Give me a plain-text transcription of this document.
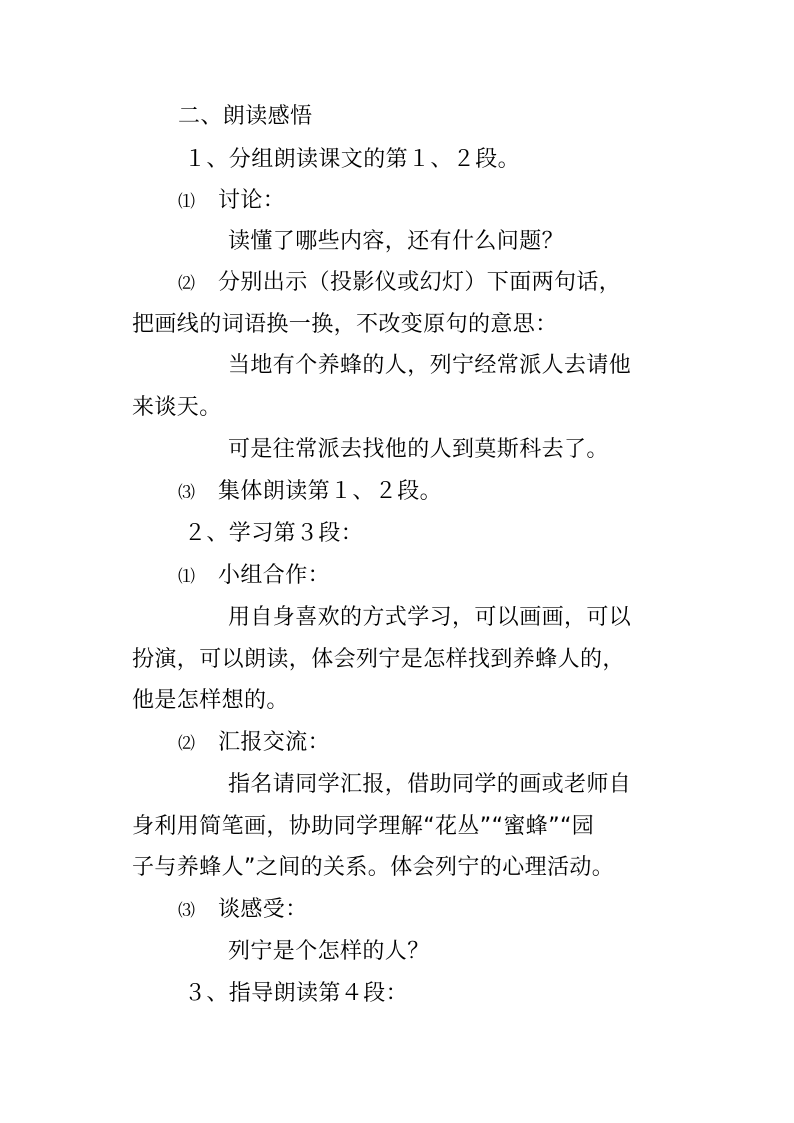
二、朗读感悟
１、分组朗读课文的第１、２段。
⑴ 讨论：
读懂了哪些内容，还有什么问题？
⑵ 分别出示（投影仪或幻灯）下面两句话，
把画线的词语换一换，不改变原句的意思：
当地有个养蜂的人，列宁经常派人去请他
来谈天。
可是往常派去找他的人到莫斯科去了。
⑶ 集体朗读第１、２段。
２、学习第３段：
⑴ 小组合作：
用自身喜欢的方式学习，可以画画，可以
扮演，可以朗读，体会列宁是怎样找到养蜂人的，
他是怎样想的。
⑵ 汇报交流：
指名请同学汇报，借助同学的画或老师自
身利用简笔画，协助同学理解“花丛”“蜜蜂”“园
子与养蜂人”之间的关系。体会列宁的心理活动。
⑶ 谈感受：
列宁是个怎样的人？
３、指导朗读第４段：
